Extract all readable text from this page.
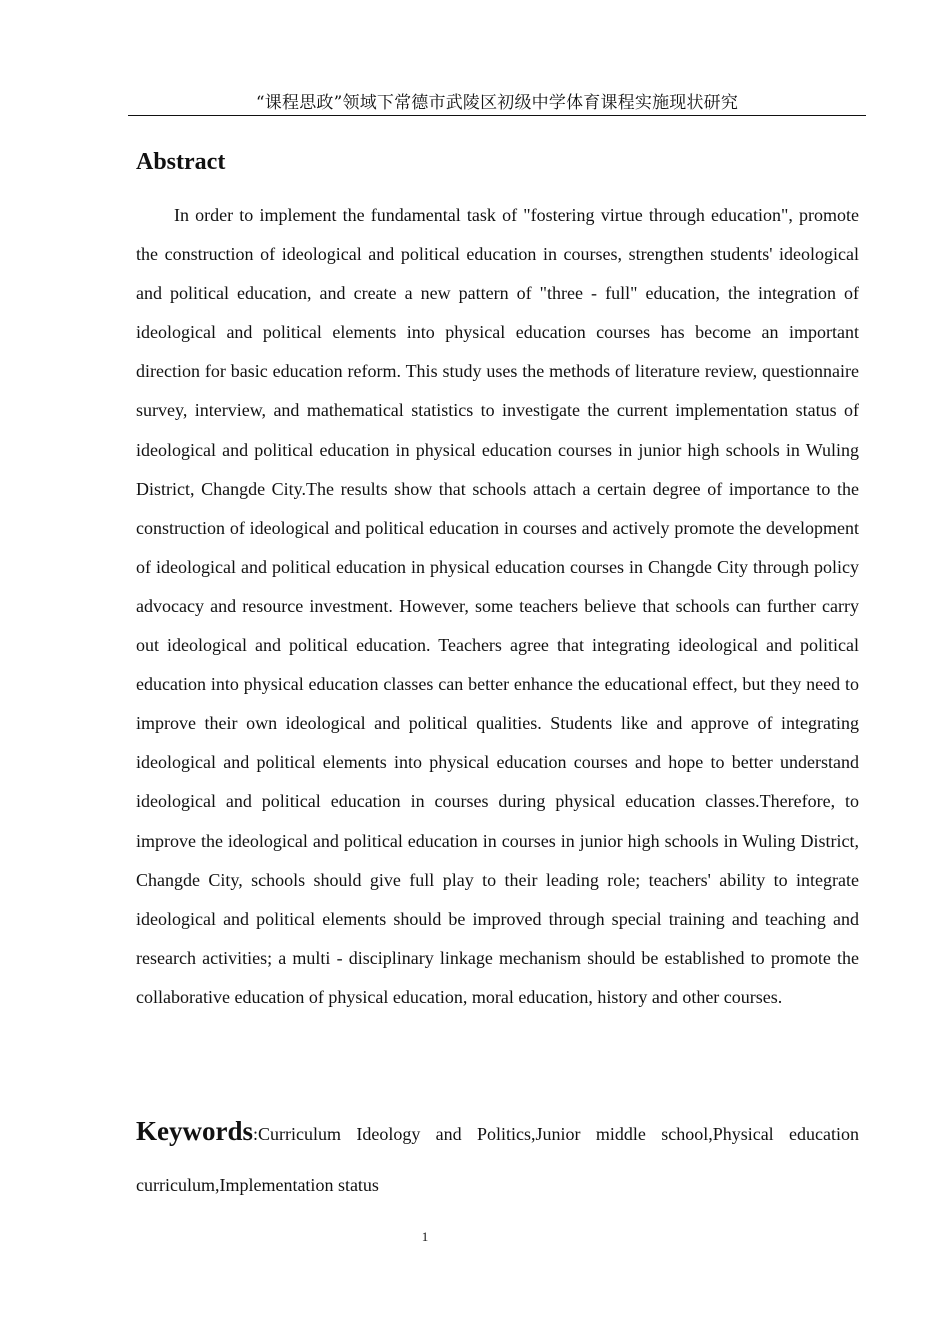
“课程思政”领域下常德市武陵区初级中学体育课程实施现状研究
Abstract

In order to implement the fundamental task of "fostering virtue through education", promote the construction of ideological and political education in courses, strengthen students' ideological and political education, and create a new pattern of "three - full" education, the integration of ideological and political elements into physical education courses has become an important direction for basic education reform. This study uses the methods of literature review, questionnaire survey, interview, and mathematical statistics to investigate the current implementation status of ideological and political education in physical education courses in junior high schools in Wuling District, Changde City.The results show that schools attach a certain degree of importance to the construction of ideological and political education in courses and actively promote the development of ideological and political education in physical education courses in Changde City through policy advocacy and resource investment. However, some teachers believe that schools can further carry out ideological and political education. Teachers agree that integrating ideological and political education into physical education classes can better enhance the educational effect, but they need to improve their own ideological and political qualities. Students like and approve of integrating ideological and political elements into physical education courses and hope to better understand ideological and political education in courses during physical education classes.Therefore, to improve the ideological and political education in courses in junior high schools in Wuling District, Changde City, schools should give full play to their leading role; teachers' ability to integrate ideological and political elements should be improved through special training and teaching and research activities; a multi - disciplinary linkage mechanism should be established to promote the collaborative education of physical education, moral education, history and other courses.

Keywords:Curriculum Ideology and Politics,Junior middle school,Physical education curriculum,Implementation status

1
